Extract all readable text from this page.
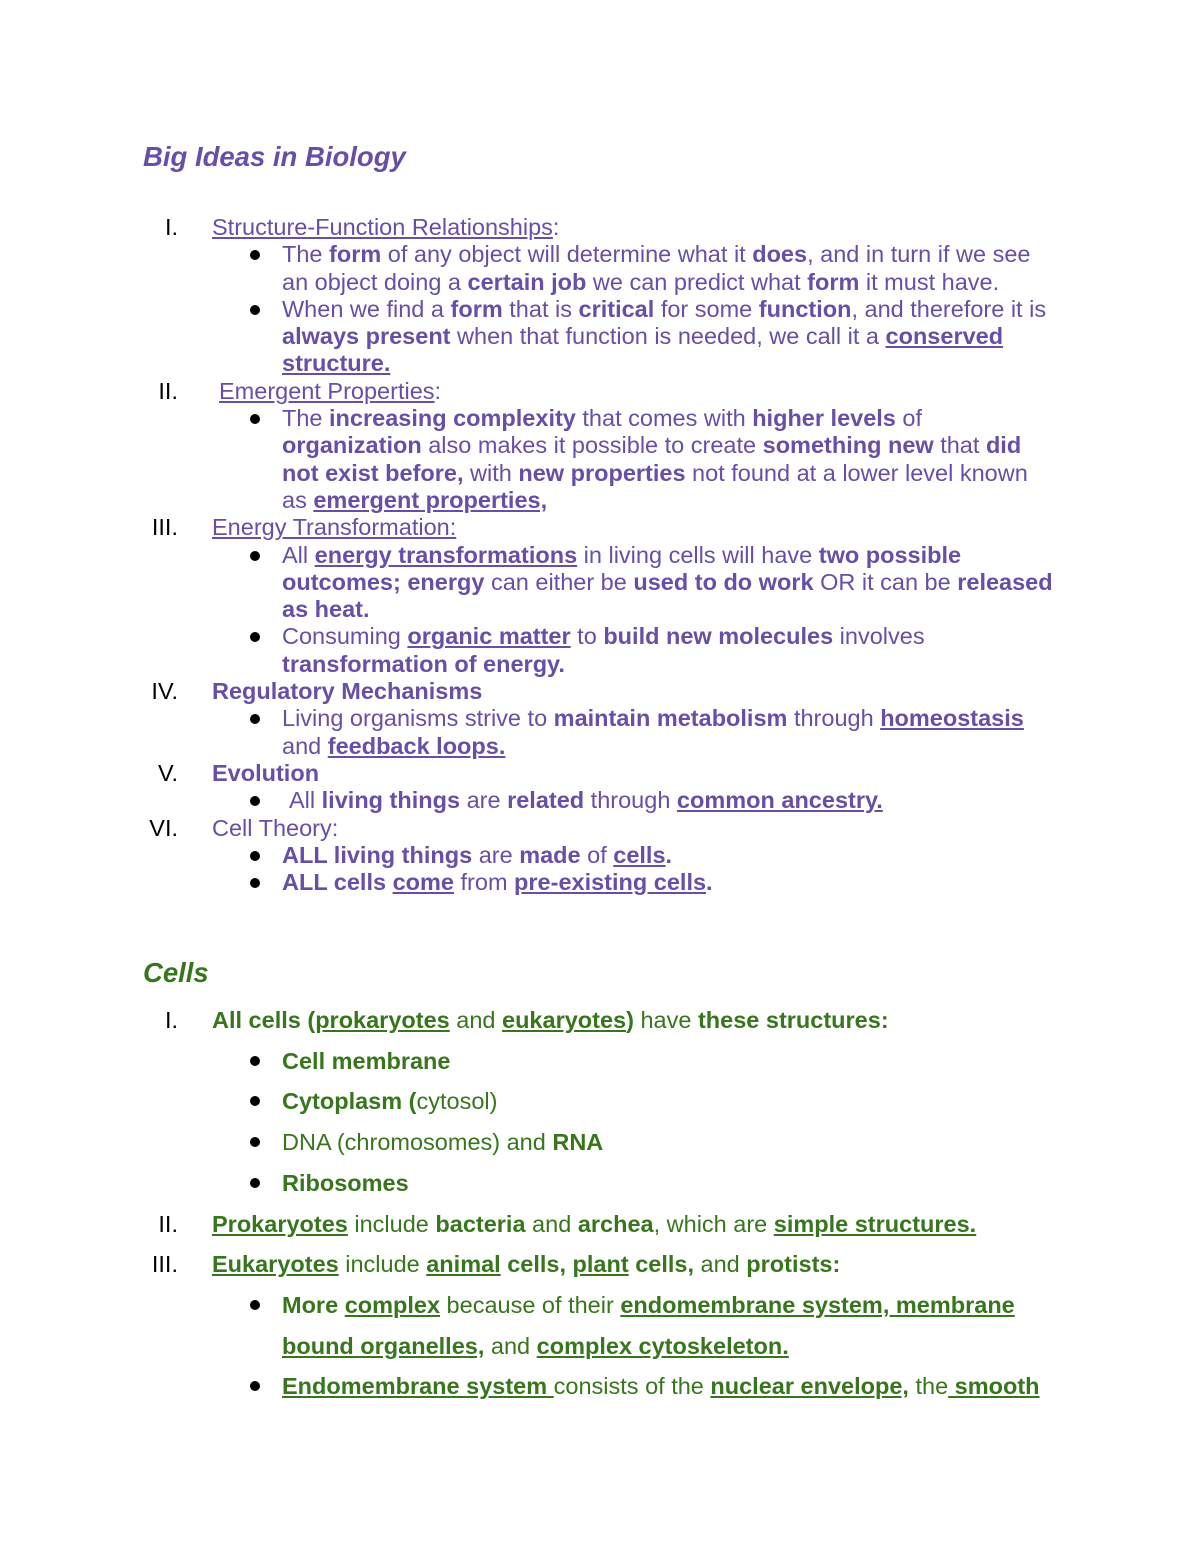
Big Ideas in Biology
I.	Structure-Function Relationships:
The form of any object will determine what it does, and in turn if we see
an object doing a certain job we can predict what form it must have.
When we find a form that is critical for some function, and therefore it is
always present when that function is needed, we call it a conserved
structure.
II.	Emergent Properties:
The increasing complexity that comes with higher levels of
organization also makes it possible to create something new that did
not exist before, with new properties not found at a lower level known
as emergent properties,
III.	Energy Transformation:
All energy transformations in living cells will have two possible
outcomes; energy can either be used to do work OR it can be released
as heat.
Consuming organic matter to build new molecules involves
transformation of energy.
IV.	Regulatory Mechanisms
Living organisms strive to maintain metabolism through homeostasis
and feedback loops.
V.	Evolution
All living things are related through common ancestry.
VI.	Cell Theory:
ALL living things are made of cells.
ALL cells come from pre-existing cells.
Cells
I.	All cells (prokaryotes and eukaryotes) have these structures:
Cell membrane
Cytoplasm (cytosol)
DNA (chromosomes) and RNA
Ribosomes
II.	Prokaryotes include bacteria and archea, which are simple structures.
III.	Eukaryotes include animal cells, plant cells, and protists:
More complex because of their endomembrane system, membrane
bound organelles, and complex cytoskeleton.
Endomembrane system consists of the nuclear envelope, the smooth
